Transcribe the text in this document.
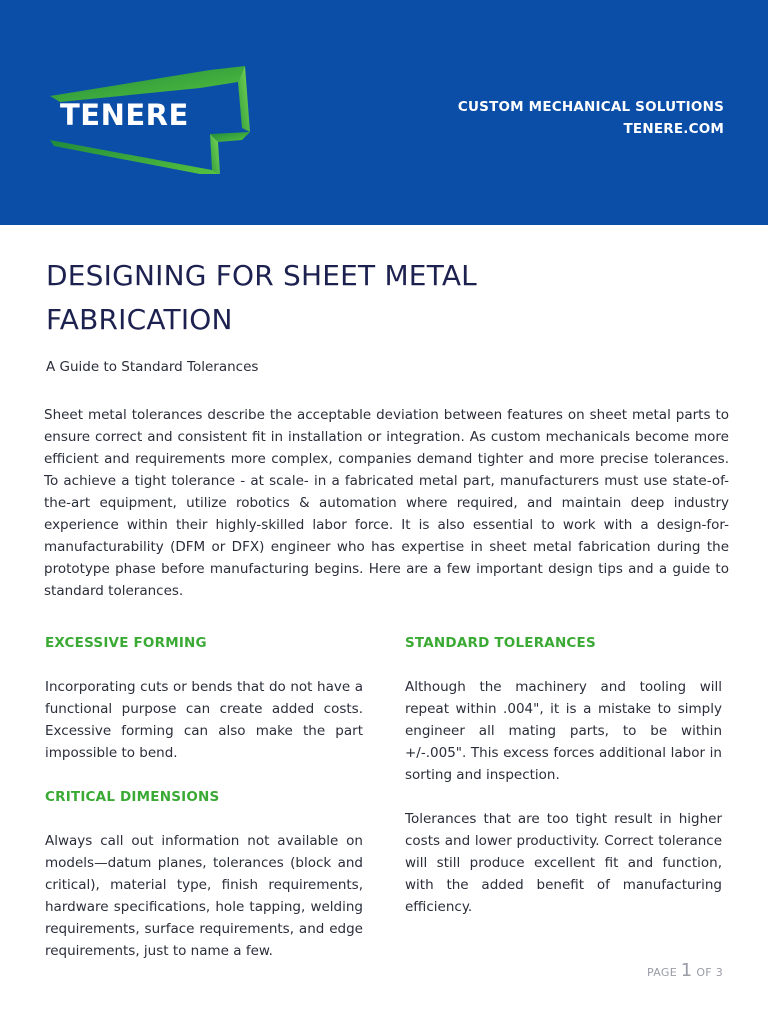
TENERE	CUSTOM MECHANICAL SOLUTIONS
TENERE.COM
DESIGNING FOR SHEET METAL
FABRICATION
A Guide to Standard Tolerances

Sheet metal tolerances describe the acceptable deviation between features on sheet metal parts to ensure correct and consistent fit in installation or integration. As custom mechanicals become more efficient and requirements more complex, companies demand tighter and more precise tolerances. To achieve a tight tolerance - at scale- in a fabricated metal part, manufacturers must use state-of-the-art equipment, utilize robotics & automation where required, and maintain deep industry experience within their highly-skilled labor force. It is also essential to work with a design-for-manufacturability (DFM or DFX) engineer who has expertise in sheet metal fabrication during the prototype phase before manufacturing begins. Here are a few important design tips and a guide to standard tolerances.

EXCESSIVE FORMING

Incorporating cuts or bends that do not have a functional purpose can create added costs. Excessive forming can also make the part impossible to bend.

CRITICAL DIMENSIONS

Always call out information not available on models—datum planes, tolerances (block and critical), material type, finish requirements, hardware specifications, hole tapping, welding requirements, surface requirements, and edge requirements, just to name a few.

STANDARD TOLERANCES

Although the machinery and tooling will repeat within .004", it is a mistake to simply engineer all mating parts, to be within +/-.005". This excess forces additional labor in sorting and inspection.

Tolerances that are too tight result in higher costs and lower productivity. Correct tolerance will still produce excellent fit and function, with the added benefit of manufacturing efficiency.

PAGE 1 OF 3
